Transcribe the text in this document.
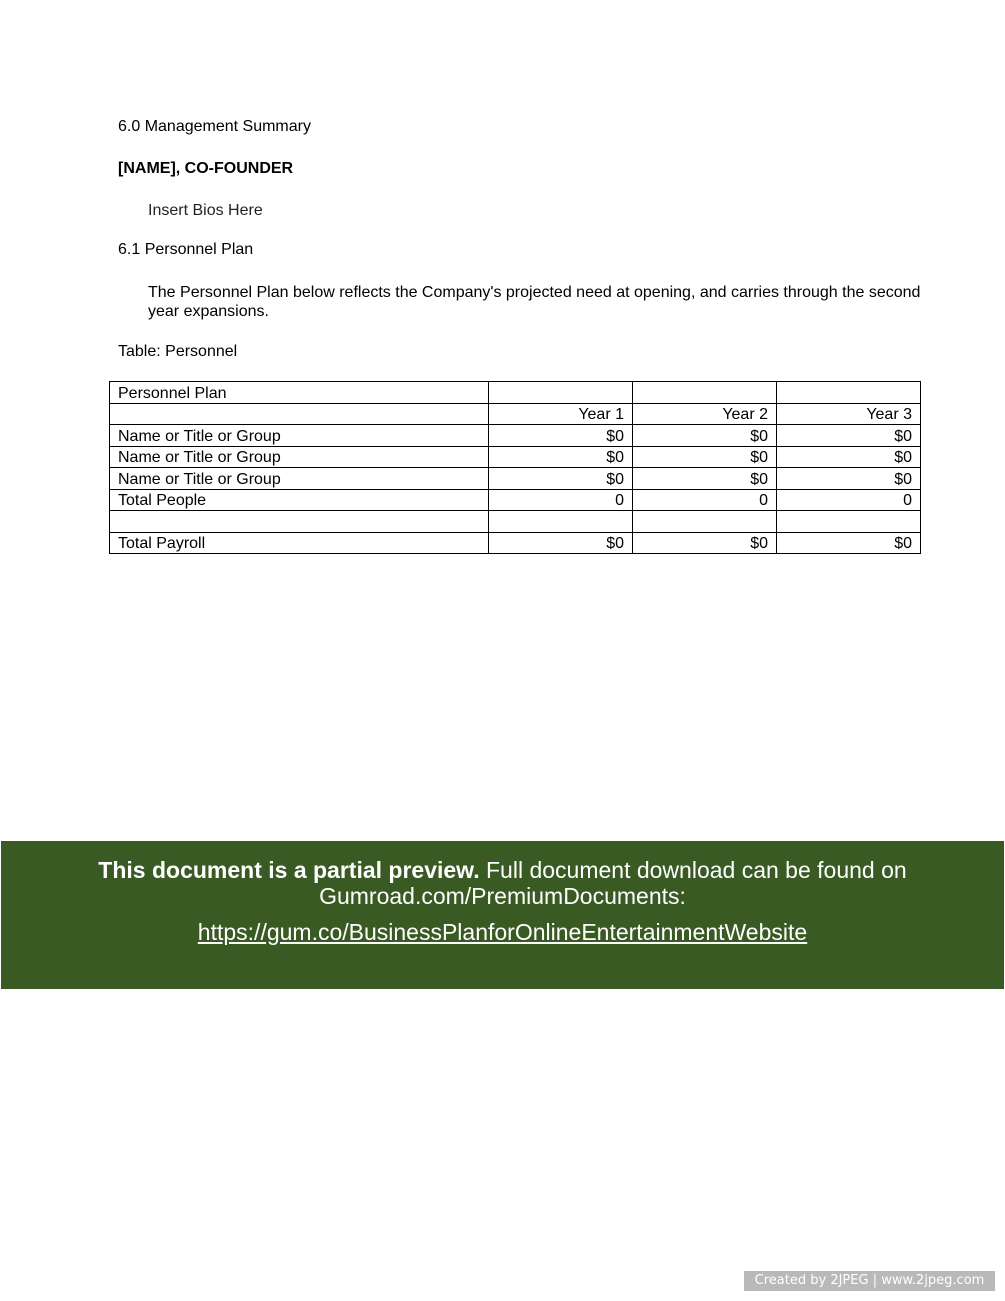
6.0 Management Summary
[NAME], CO-FOUNDER
Insert Bios Here
6.1 Personnel Plan
The Personnel Plan below reflects the Company's projected need at opening, and carries through the second year expansions.
Table: Personnel
Personnel Plan			
	Year 1	Year 2	Year 3
Name or Title or Group	$0	$0	$0
Name or Title or Group	$0	$0	$0
Name or Title or Group	$0	$0	$0
Total People	0	0	0

Total Payroll	$0	$0	$0
This document is a partial preview. Full document download can be found on Gumroad.com/PremiumDocuments:
https://gum.co/BusinessPlanforOnlineEntertainmentWebsite
Created by 2JPEG | www.2jpeg.com
